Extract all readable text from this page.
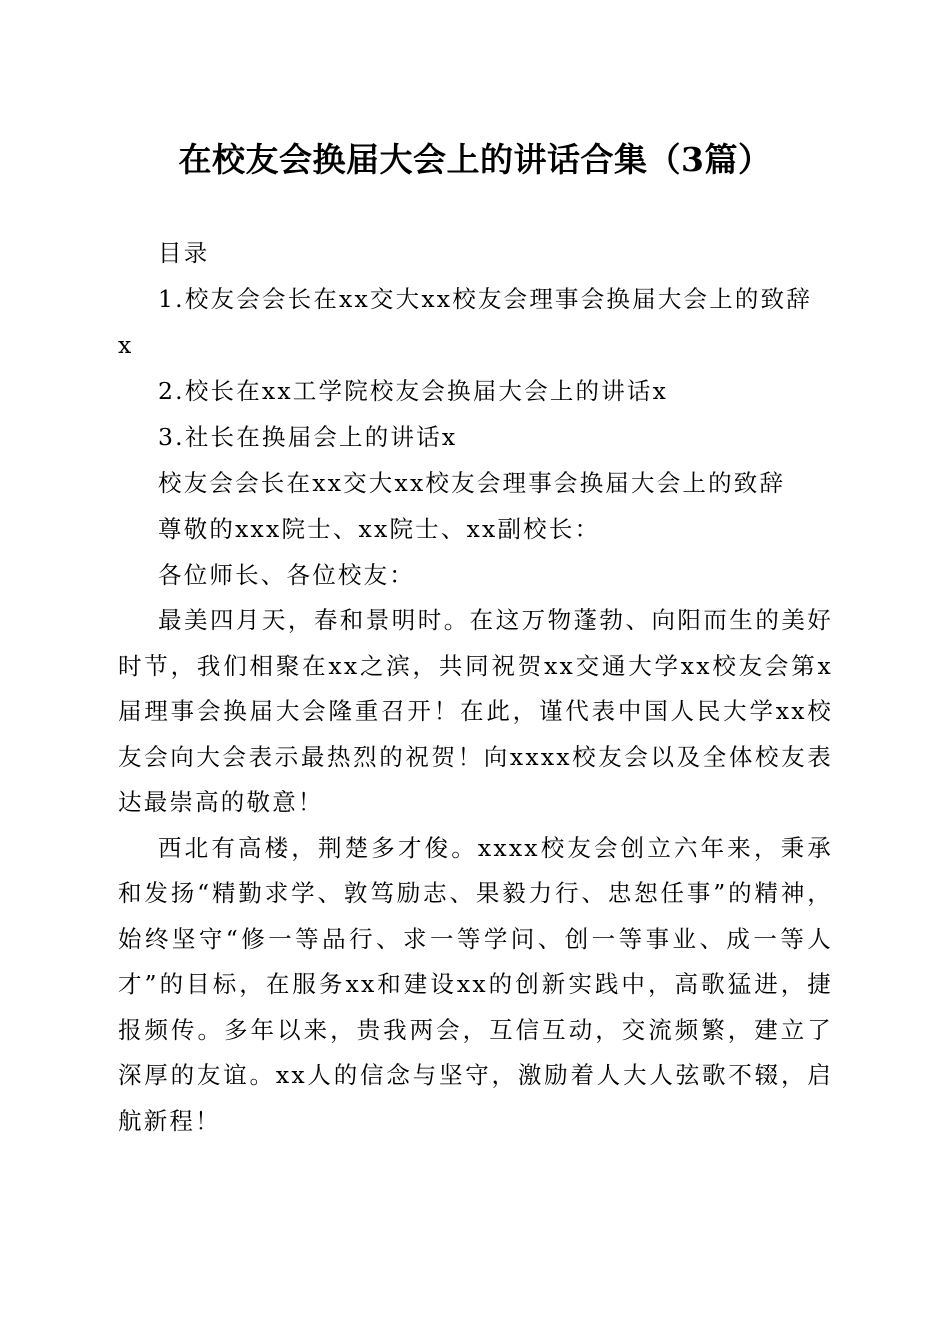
在校友会换届大会上的讲话合集（3篇）
目录
1.校友会会长在xx交大xx校友会理事会换届大会上的致辞
x
2.校长在xx工学院校友会换届大会上的讲话x
3.社长在换届会上的讲话x
校友会会长在xx交大xx校友会理事会换届大会上的致辞
尊敬的xxx院士、xx院士、xx副校长：
各位师长、各位校友：

最美四月天，春和景明时。在这万物蓬勃、向阳而生的美好时节，我们相聚在xx之滨，共同祝贺xx交通大学xx校友会第x届理事会换届大会隆重召开！在此，谨代表中国人民大学xx校友会向大会表示最热烈的祝贺！向xxxx校友会以及全体校友表达最崇高的敬意！

西北有高楼，荆楚多才俊。xxxx校友会创立六年来，秉承和发扬“精勤求学、敦笃励志、果毅力行、忠恕任事”的精神，始终坚守“修一等品行、求一等学问、创一等事业、成一等人才”的目标，在服务xx和建设xx的创新实践中，高歌猛进，捷报频传。多年以来，贵我两会，互信互动，交流频繁，建立了深厚的友谊。xx人的信念与坚守，激励着人大人弦歌不辍，启航新程！
